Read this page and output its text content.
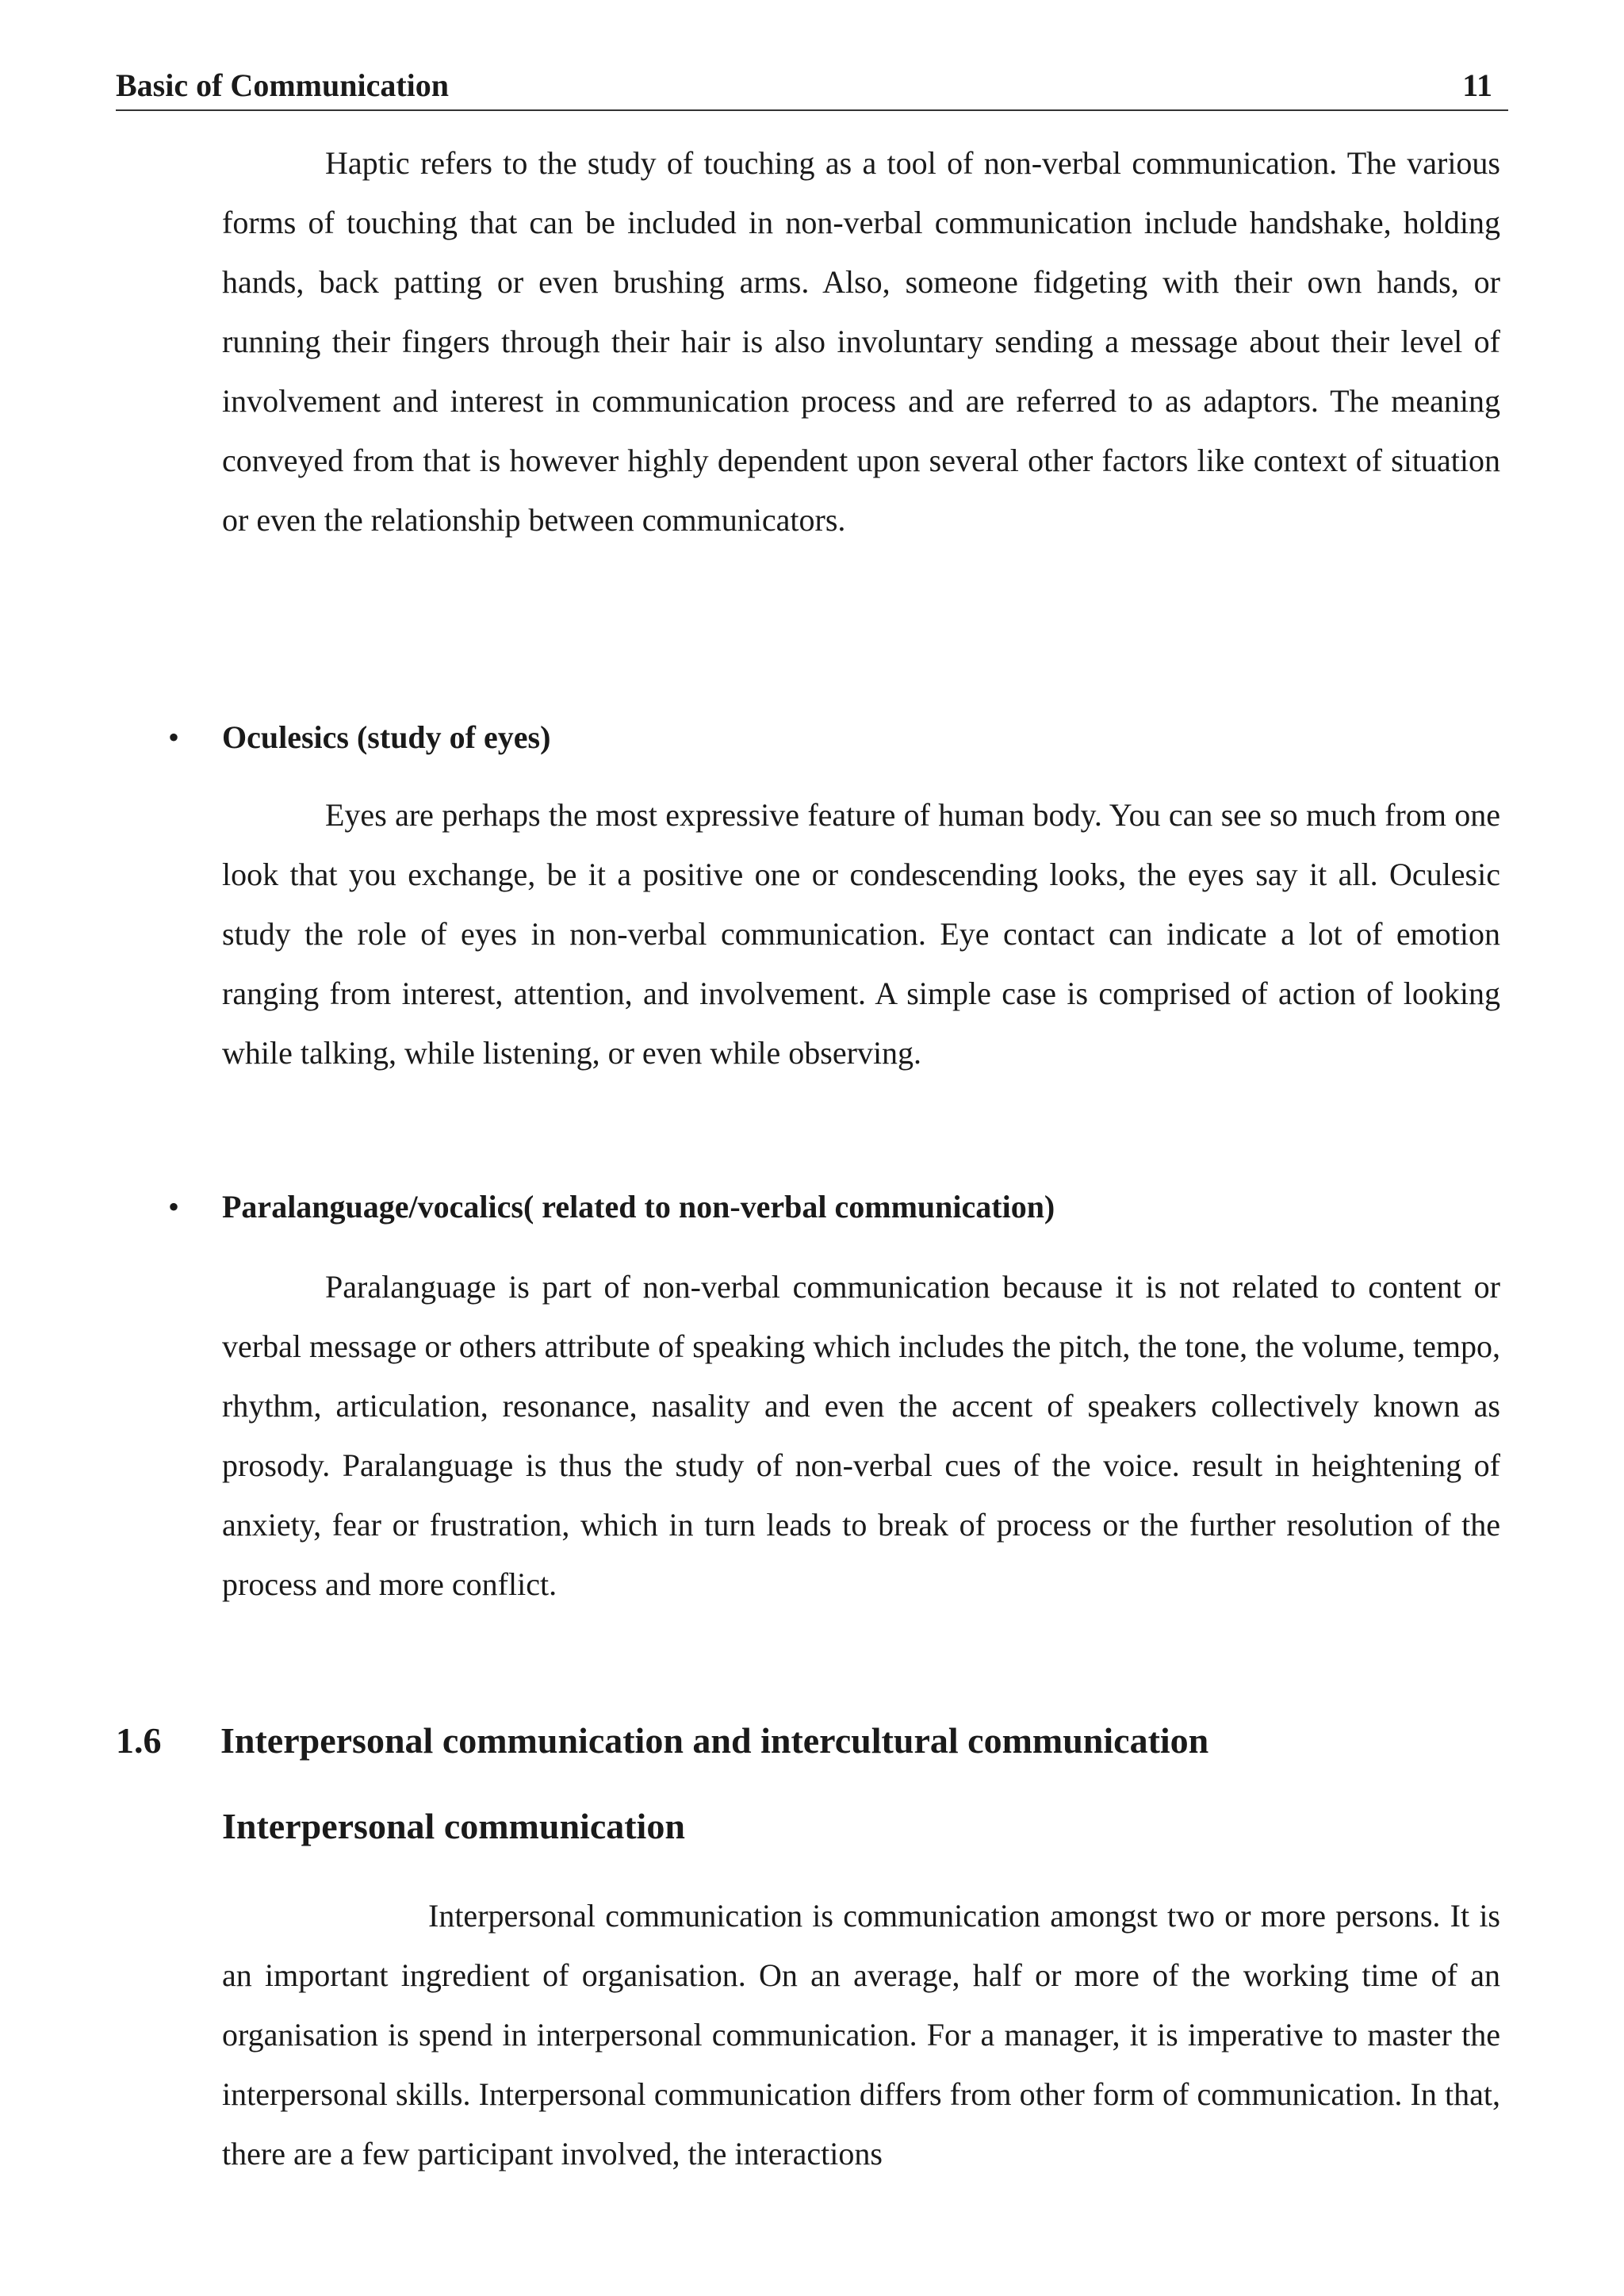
Basic of Communication	11

Haptic refers to the study of touching as a tool of non-verbal communication. The various forms of touching that can be included in non-verbal communication include handshake, holding hands, back patting or even brushing arms. Also, someone fidgeting with their own hands, or running their fingers through their hair is also involuntary sending a message about their level of involvement and interest in communication process and are referred to as adaptors. The meaning conveyed from that is however highly dependent upon several other factors like context of situation or even the relationship between communicators.

•	Oculesics (study of eyes)

Eyes are perhaps the most expressive feature of human body. You can see so much from one look that you exchange, be it a positive one or condescending looks, the eyes say it all. Oculesic study the role of eyes in non-verbal communication. Eye contact can indicate a lot of emotion ranging from interest, attention, and involvement. A simple case is comprised of action of looking while talking, while listening, or even while observing.

•	Paralanguage/vocalics( related to non-verbal communication)

Paralanguage is part of non-verbal communication because it is not related to content or verbal message or others attribute of speaking which includes the pitch, the tone, the volume, tempo, rhythm, articulation, resonance, nasality and even the accent of speakers collectively known as prosody. Paralanguage is thus the study of non-verbal cues of the voice. result in heightening of anxiety, fear or frustration, which in turn leads to break of process or the further resolution of the process and more conflict.

1.6 Interpersonal communication and intercultural communication
Interpersonal communication

Interpersonal communication is communication amongst two or more persons. It is an important ingredient of organisation. On an average, half or more of the working time of an organisation is spend in interpersonal communication. For a manager, it is imperative to master the interpersonal skills. Interpersonal communication differs from other form of communication. In that, there are a few participant involved, the interactions
